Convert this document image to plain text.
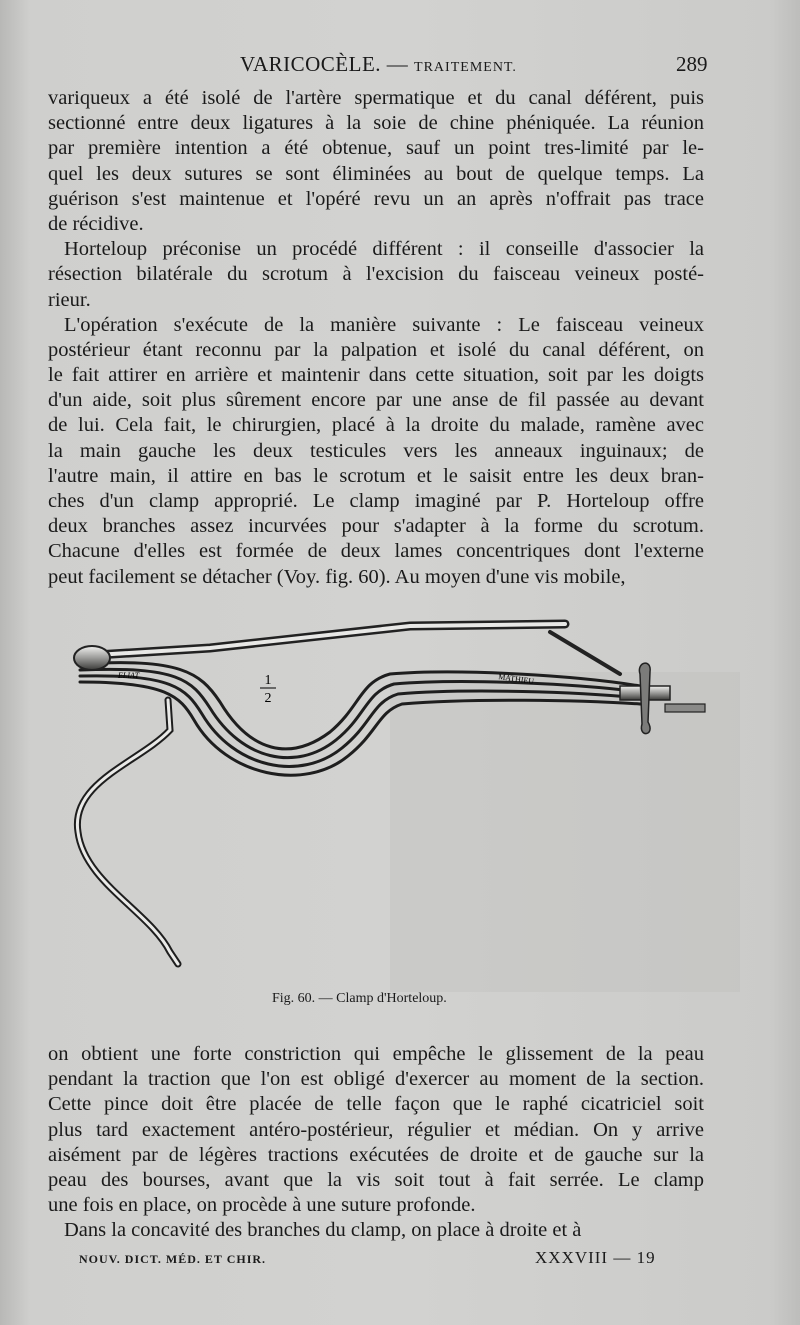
VARICOCÈLE. — TRAITEMENT.	289
variqueux a été isolé de l'artère spermatique et du canal déférent, puis
sectionné entre deux ligatures à la soie de chine phéniquée. La réunion
par première intention a été obtenue, sauf un point tres-limité par le-
quel les deux sutures se sont éliminées au bout de quelque temps. La
guérison s'est maintenue et l'opéré revu un an après n'offrait pas trace
de récidive.
Horteloup préconise un procédé différent : il conseille d'associer la
résection bilatérale du scrotum à l'excision du faisceau veineux posté-
rieur.
L'opération s'exécute de la manière suivante : Le faisceau veineux
postérieur étant reconnu par la palpation et isolé du canal déférent, on
le fait attirer en arrière et maintenir dans cette situation, soit par les doigts
d'un aide, soit plus sûrement encore par une anse de fil passée au devant
de lui. Cela fait, le chirurgien, placé à la droite du malade, ramène avec
la main gauche les deux testicules vers les anneaux inguinaux; de
l'autre main, il attire en bas le scrotum et le saisit entre les deux bran-
ches d'un clamp approprié. Le clamp imaginé par P. Horteloup offre
deux branches assez incurvées pour s'adapter à la forme du scrotum.
Chacune d'elles est formée de deux lames concentriques dont l'externe
peut facilement se détacher (Voy. fig. 60). Au moyen d'une vis mobile,
1
2
ELIAT	MATHIEU
Fig. 60. — Clamp d'Horteloup.
on obtient une forte constriction qui empêche le glissement de la peau
pendant la traction que l'on est obligé d'exercer au moment de la section.
Cette pince doit être placée de telle façon que le raphé cicatriciel soit
plus tard exactement antéro-postérieur, régulier et médian. On y arrive
aisément par de légères tractions exécutées de droite et de gauche sur la
peau des bourses, avant que la vis soit tout à fait serrée. Le clamp
une fois en place, on procède à une suture profonde.
Dans la concavité des branches du clamp, on place à droite et à
NOUV. DICT. MÉD. ET CHIR.	XXXVIII — 19
